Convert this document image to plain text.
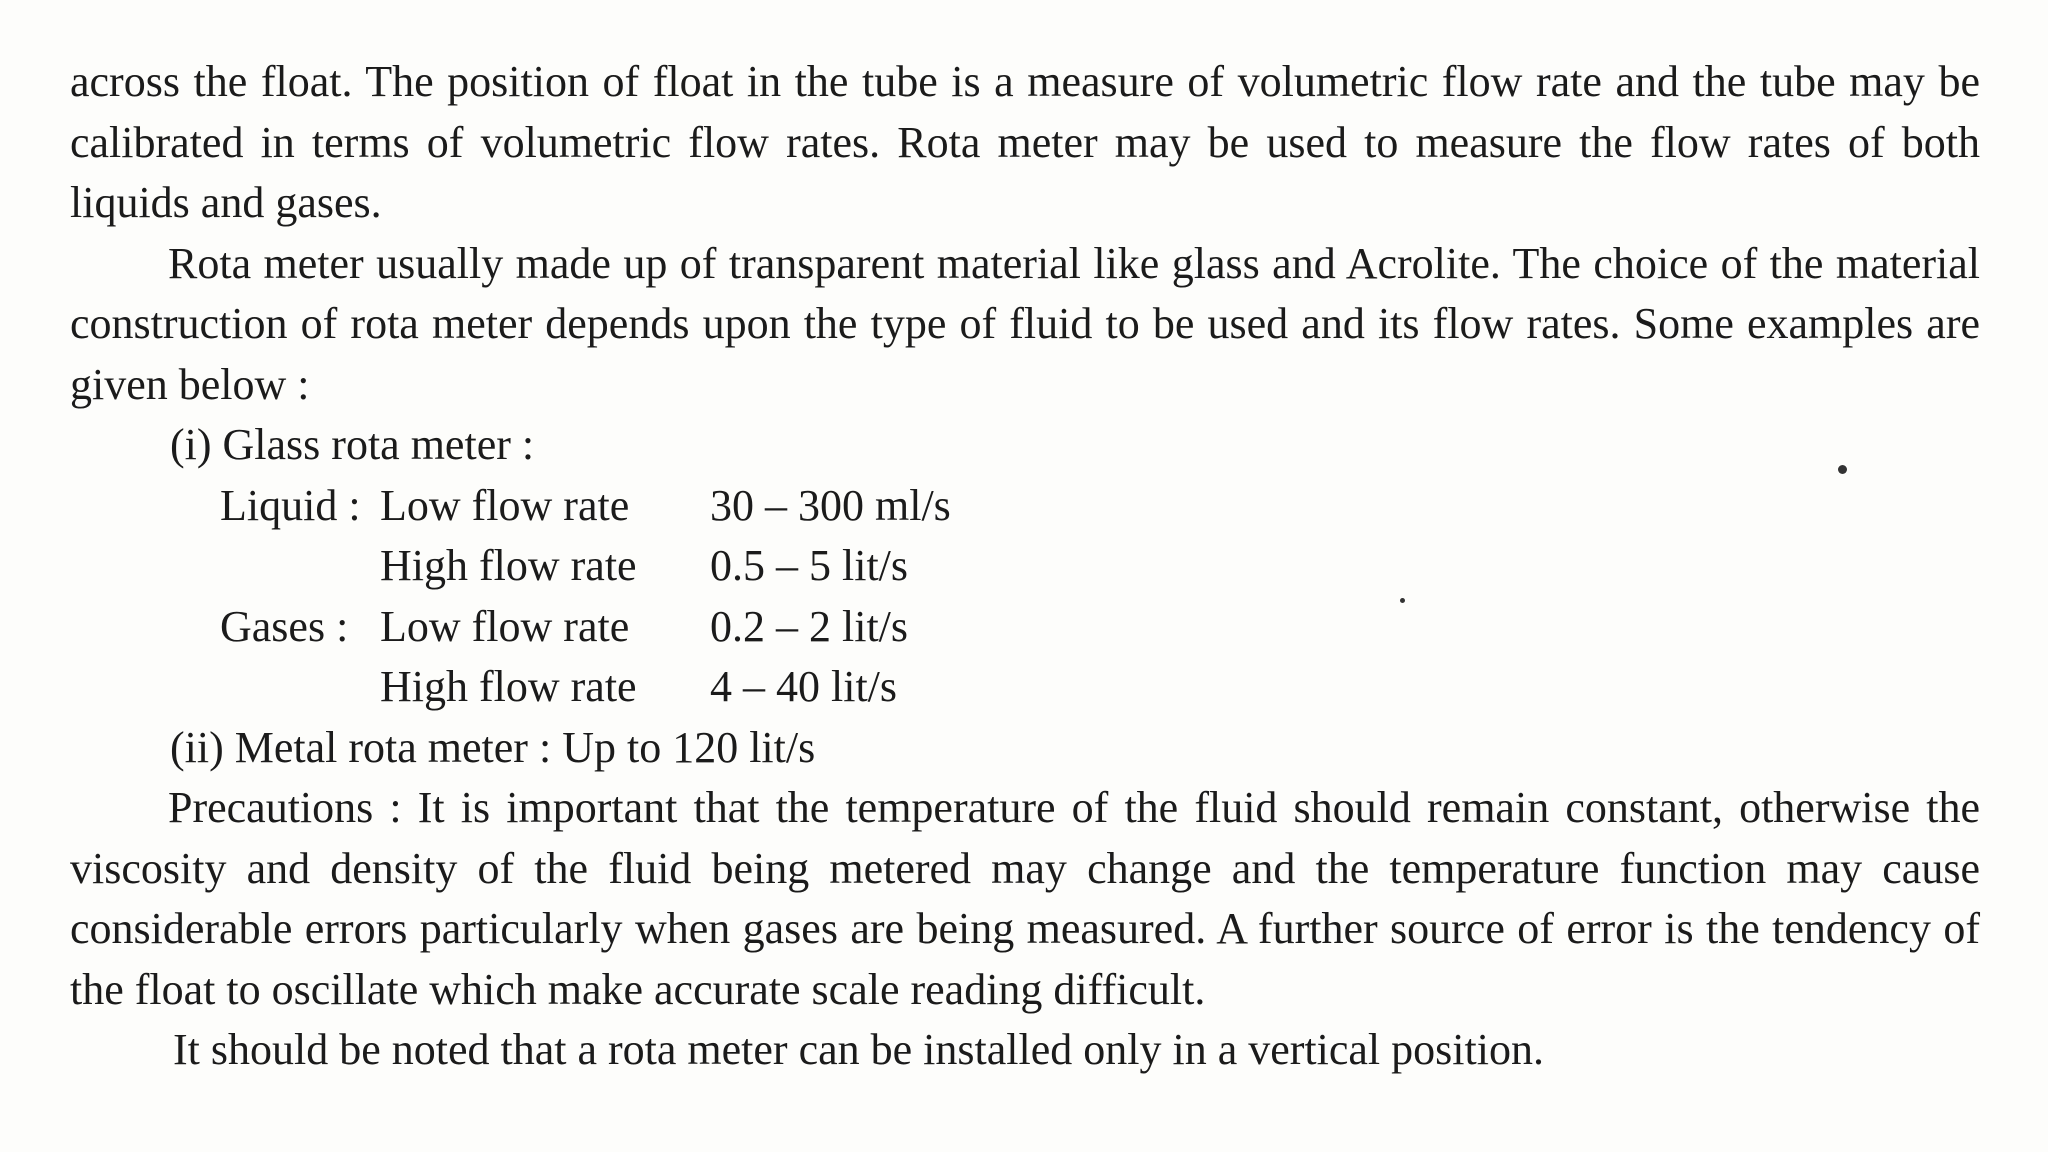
across the float. The position of float in the tube is a measure of volumetric flow rate and the tube may be calibrated in terms of volumetric flow rates. Rota meter may be used to measure the flow rates of both liquids and gases.

Rota meter usually made up of transparent material like glass and Acrolite. The choice of the material construction of rota meter depends upon the type of fluid to be used and its flow rates. Some examples are given below :

(i) Glass rota meter :

Liquid : Low flow rate	30 – 300 ml/s
High flow rate	0.5 – 5 lit/s
Gases : Low flow rate	0.2 – 2 lit/s
High flow rate	4 – 40 lit/s

(ii) Metal rota meter : Up to 120 lit/s

Precautions : It is important that the temperature of the fluid should remain constant, otherwise the viscosity and density of the fluid being metered may change and the temperature function may cause considerable errors particularly when gases are being measured. A further source of error is the tendency of the float to oscillate which make accurate scale reading difficult.

It should be noted that a rota meter can be installed only in a vertical position.
